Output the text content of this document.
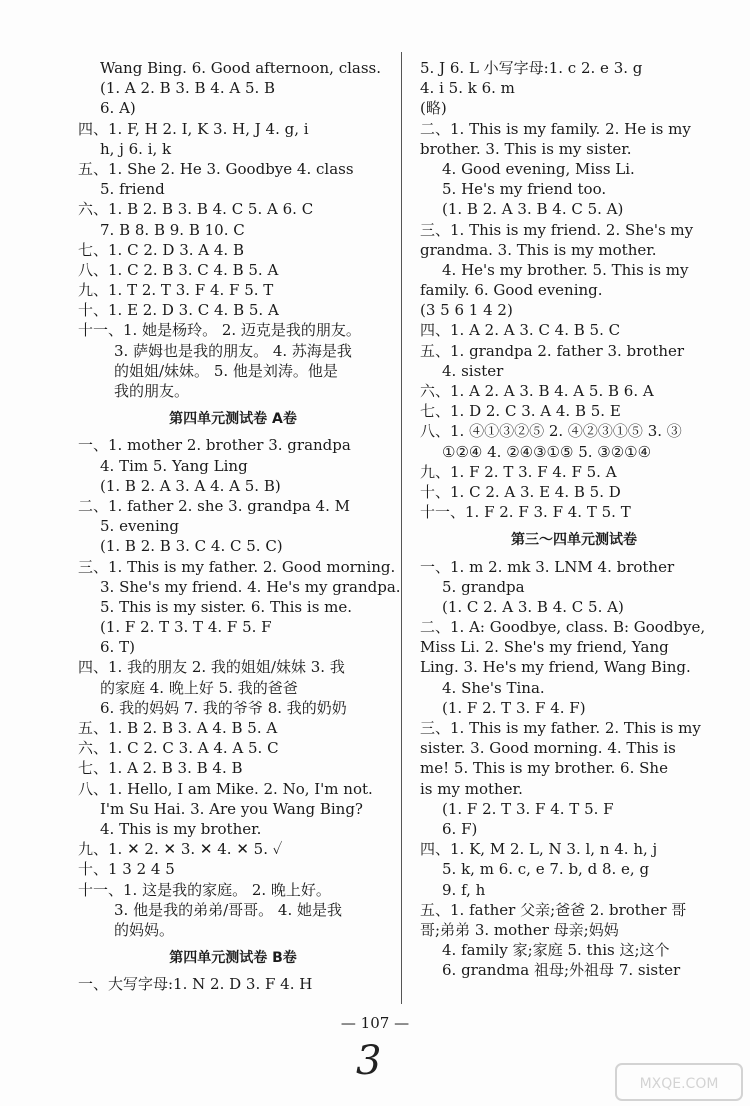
Wang Bing. 6. Good afternoon, class.
(1. A 2. B 3. B 4. A 5. B
6. A)
四、1. F, H 2. I, K 3. H, J 4. g, i
h, j 6. i, k
五、1. She 2. He 3. Goodbye 4. class
5. friend
六、1. B 2. B 3. B 4. C 5. A 6. C
7. B 8. B 9. B 10. C
七、1. C 2. D 3. A 4. B
八、1. C 2. B 3. C 4. B 5. A
九、1. T 2. T 3. F 4. F 5. T
十、1. E 2. D 3. C 4. B 5. A
十一、1. 她是杨玲。 2. 迈克是我的朋友。
3. 萨姆也是我的朋友。 4. 苏海是我
的姐姐/妹妹。 5. 他是刘涛。他是
我的朋友。
第四单元测试卷 A卷
一、1. mother 2. brother 3. grandpa
4. Tim 5. Yang Ling
(1. B 2. A 3. A 4. A 5. B)
二、1. father 2. she 3. grandpa 4. M
5. evening
(1. B 2. B 3. C 4. C 5. C)
三、1. This is my father. 2. Good morning.
3. She's my friend. 4. He's my grandpa.
5. This is my sister. 6. This is me.
(1. F 2. T 3. T 4. F 5. F
6. T)
四、1. 我的朋友 2. 我的姐姐/妹妹 3. 我
的家庭 4. 晚上好 5. 我的爸爸
6. 我的妈妈 7. 我的爷爷 8. 我的奶奶
五、1. B 2. B 3. A 4. B 5. A
六、1. C 2. C 3. A 4. A 5. C
七、1. A 2. B 3. B 4. B
八、1. Hello, I am Mike. 2. No, I'm not.
I'm Su Hai. 3. Are you Wang Bing?
4. This is my brother.
九、1. ✕ 2. ✕ 3. ✕ 4. ✕ 5. ✓
十、1 3 2 4 5
十一、1. 这是我的家庭。 2. 晚上好。
3. 他是我的弟弟/哥哥。 4. 她是我
的妈妈。
第四单元测试卷 B卷
一、大写字母:1. N 2. D 3. F 4. H
5. J 6. L 小写字母:1. c 2. e 3. g
4. i 5. k 6. m
(略)
二、1. This is my family. 2. He is my
brother. 3. This is my sister.
4. Good evening, Miss Li.
5. He's my friend too.
(1. B 2. A 3. B 4. C 5. A)
三、1. This is my friend. 2. She's my
grandma. 3. This is my mother.
4. He's my brother. 5. This is my
family. 6. Good evening.
(3 5 6 1 4 2)
四、1. A 2. A 3. C 4. B 5. C
五、1. grandpa 2. father 3. brother
4. sister
六、1. A 2. A 3. B 4. A 5. B 6. A
七、1. D 2. C 3. A 4. B 5. E
八、1. ④①③②⑤ 2. ④②③①⑤ 3. ③
①②④ 4. ②④③①⑤ 5. ③②①④
九、1. F 2. T 3. F 4. F 5. A
十、1. C 2. A 3. E 4. B 5. D
十一、1. F 2. F 3. F 4. T 5. T
第三～四单元测试卷
一、1. m 2. mk 3. LNM 4. brother
5. grandpa
(1. C 2. A 3. B 4. C 5. A)
二、1. A: Goodbye, class. B: Goodbye,
Miss Li. 2. She's my friend, Yang
Ling. 3. He's my friend, Wang Bing.
4. She's Tina.
(1. F 2. T 3. F 4. F)
三、1. This is my father. 2. This is my
sister. 3. Good morning. 4. This is
me! 5. This is my brother. 6. She
is my mother.
(1. F 2. T 3. F 4. T 5. F
6. F)
四、1. K, M 2. L, N 3. l, n 4. h, j
5. k, m 6. c, e 7. b, d 8. e, g
9. f, h
五、1. father 父亲;爸爸 2. brother 哥
哥;弟弟 3. mother 母亲;妈妈
4. family 家;家庭 5. this 这;这个
6. grandma 祖母;外祖母 7. sister
— 107 —
3	MXQE.COM
